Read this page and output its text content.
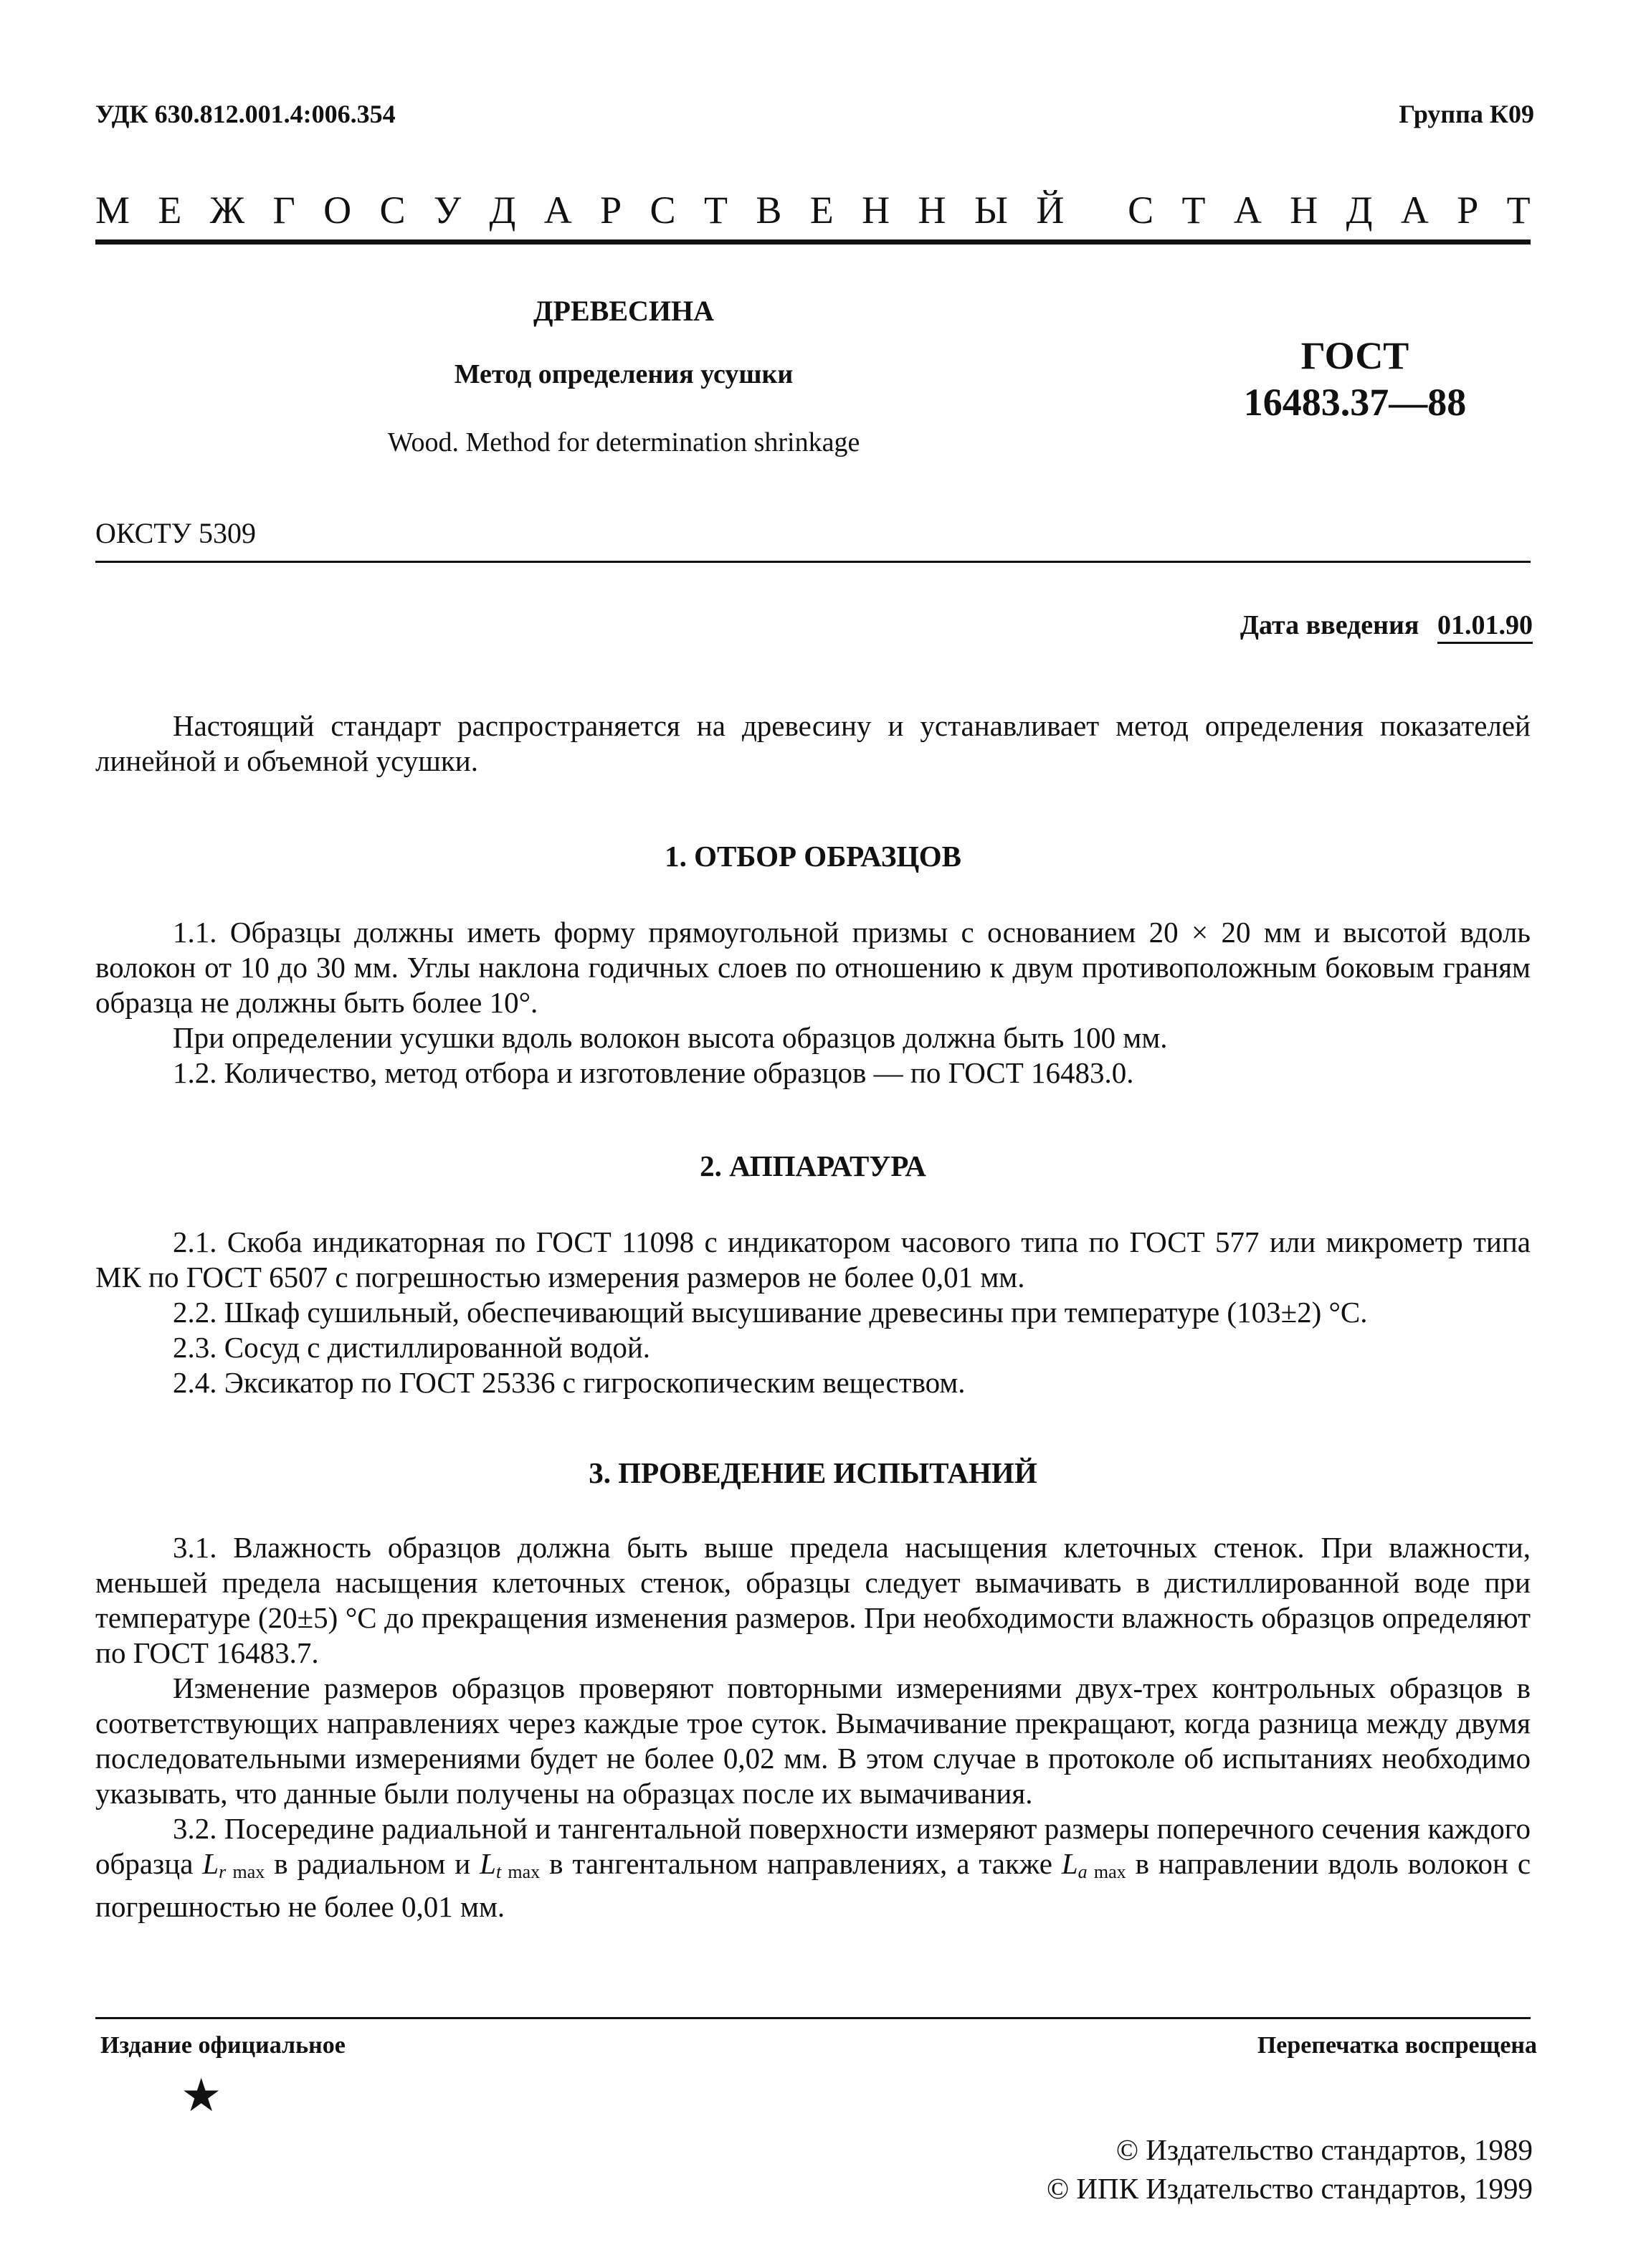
УДК 630.812.001.4:006.354	Группа К09
М Е Ж Г О С У Д А Р С Т В Е Н Н Ы Й С Т А Н Д А Р Т
ДРЕВЕСИНА
Метод определения усушки
Wood. Method for determination shrinkage
ГОСТ
16483.37—88
ОКСТУ 5309
Дата введения 01.01.90

Настоящий стандарт распространяется на древесину и устанавливает метод определения показателей линейной и объемной усушки.

1. ОТБОР ОБРАЗЦОВ

1.1. Образцы должны иметь форму прямоугольной призмы с основанием 20 × 20 мм и высотой вдоль волокон от 10 до 30 мм. Углы наклона годичных слоев по отношению к двум противоположным боковым граням образца не должны быть более 10°.

При определении усушки вдоль волокон высота образцов должна быть 100 мм.

1.2. Количество, метод отбора и изготовление образцов — по ГОСТ 16483.0.

2. АППАРАТУРА

2.1. Скоба индикаторная по ГОСТ 11098 с индикатором часового типа по ГОСТ 577 или микрометр типа МК по ГОСТ 6507 с погрешностью измерения размеров не более 0,01 мм.

2.2. Шкаф сушильный, обеспечивающий высушивание древесины при температуре (103±2) °С.

2.3. Сосуд с дистиллированной водой.

2.4. Эксикатор по ГОСТ 25336 с гигроскопическим веществом.

3. ПРОВЕДЕНИЕ ИСПЫТАНИЙ

3.1. Влажность образцов должна быть выше предела насыщения клеточных стенок. При влажности, меньшей предела насыщения клеточных стенок, образцы следует вымачивать в дистиллированной воде при температуре (20±5) °С до прекращения изменения размеров. При необходимости влажность образцов определяют по ГОСТ 16483.7.

Изменение размеров образцов проверяют повторными измерениями двух-трех контрольных образцов в соответствующих направлениях через каждые трое суток. Вымачивание прекращают, когда разница между двумя последовательными измерениями будет не более 0,02 мм. В этом случае в протоколе об испытаниях необходимо указывать, что данные были получены на образцах после их вымачивания.

3.2. Посередине радиальной и тангентальной поверхности измеряют размеры поперечного сечения каждого образца $L_{r max}$ в радиальном и $L_{t max}$ в тангентальном направлениях, а также $L_{a max}$ в направлении вдоль волокон с погрешностью не более 0,01 мм.

Издание официальное	Перепечатка воспрещена
★
© Издательство стандартов, 1989
© ИПК Издательство стандартов, 1999
